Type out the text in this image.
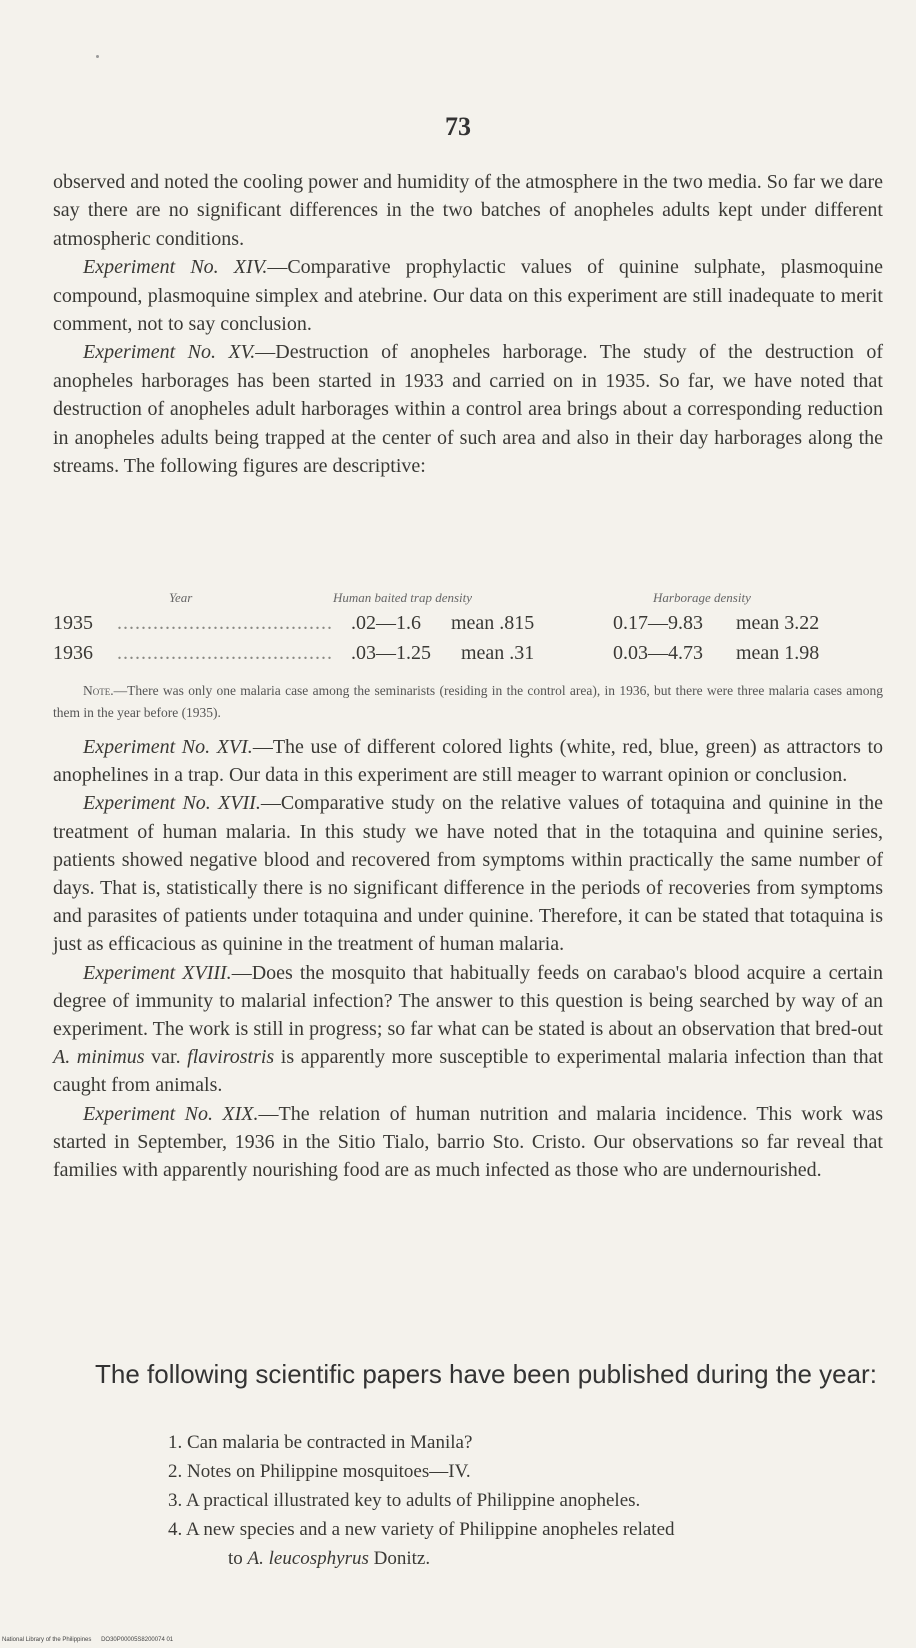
73

observed and noted the cooling power and humidity of the atmosphere in the two media. So far we dare say there are no significant differences in the two batches of anopheles adults kept under different atmospheric conditions.

Experiment No. XIV.—Comparative prophylactic values of quinine sulphate, plasmoquine compound, plasmoquine simplex and atebrine. Our data on this experiment are still inadequate to merit comment, not to say conclusion.

Experiment No. XV.—Destruction of anopheles harborage. The study of the destruction of anopheles harborages has been started in 1933 and carried on in 1935. So far, we have noted that destruction of anopheles adult harborages within a control area brings about a corresponding reduction in anopheles adults being trapped at the center of such area and also in their day harborages along the streams. The following figures are descriptive:

Year	Human baited trap density	Harborage density
1935 .................................... .02—1.6 mean .815	0.17—9.83 mean 3.22
1936 .................................... .03—1.25 mean .31	0.03—4.73 mean 1.98
Note.—There was only one malaria case among the seminarists (residing in the control area), in 1936, but there were three malaria cases among them in the year before (1935).

Experiment No. XVI.—The use of different colored lights (white, red, blue, green) as attractors to anophelines in a trap. Our data in this experiment are still meager to warrant opinion or conclusion.

Experiment No. XVII.—Comparative study on the relative values of totaquina and quinine in the treatment of human malaria. In this study we have noted that in the totaquina and quinine series, patients showed negative blood and recovered from symptoms within practically the same number of days. That is, statistically there is no significant difference in the periods of recoveries from symptoms and parasites of patients under totaquina and under quinine. Therefore, it can be stated that totaquina is just as efficacious as quinine in the treatment of human malaria.

Experiment XVIII.—Does the mosquito that habitually feeds on carabao's blood acquire a certain degree of immunity to malarial infection? The answer to this question is being searched by way of an experiment. The work is still in progress; so far what can be stated is about an observation that bred-out A. minimus var. flavirostris is apparently more susceptible to experimental malaria infection than that caught from animals.

Experiment No. XIX.—The relation of human nutrition and malaria incidence. This work was started in September, 1936 in the Sitio Tialo, barrio Sto. Cristo. Our observations so far reveal that families with apparently nourishing food are as much infected as those who are undernourished.

The following scientific papers have been published during the year:
1. Can malaria be contracted in Manila?
2. Notes on Philippine mosquitoes—IV.
3. A practical illustrated key to adults of Philippine anopheles.
4. A new species and a new variety of Philippine anopheles related
to A. leucosphyrus Donitz.
National Library of the Philippines DO30P00005S8200074 01
